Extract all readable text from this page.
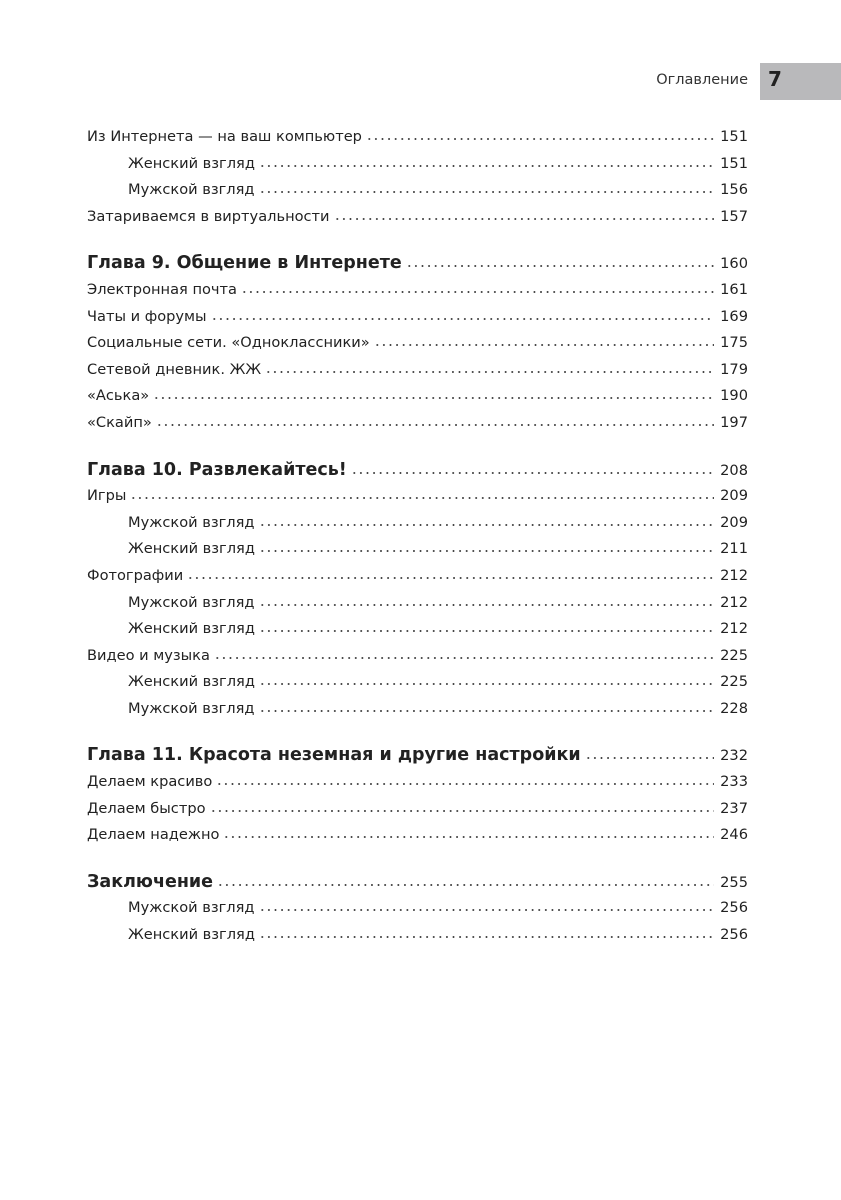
Оглавление 7
Из Интернета — на ваш компьютер	151
Женский взгляд	151
Мужской взгляд	156
Затариваемся в виртуальности	157
Глава 9. Общение в Интернете	160
Электронная почта	161
Чаты и форумы	169
Социальные сети. «Одноклассники»	175
Сетевой дневник. ЖЖ	179
«Аська»	190
«Скайп»	197
Глава 10. Развлекайтесь!	208
Игры	209
Мужской взгляд	209
Женский взгляд	211
Фотографии	212
Мужской взгляд	212
Женский взгляд	212
Видео и музыка	225
Женский взгляд	225
Мужской взгляд	228
Глава 11. Красота неземная и другие настройки	232
Делаем красиво	233
Делаем быстро	237
Делаем надежно	246
Заключение	255
Мужской взгляд	256
Женский взгляд	256
